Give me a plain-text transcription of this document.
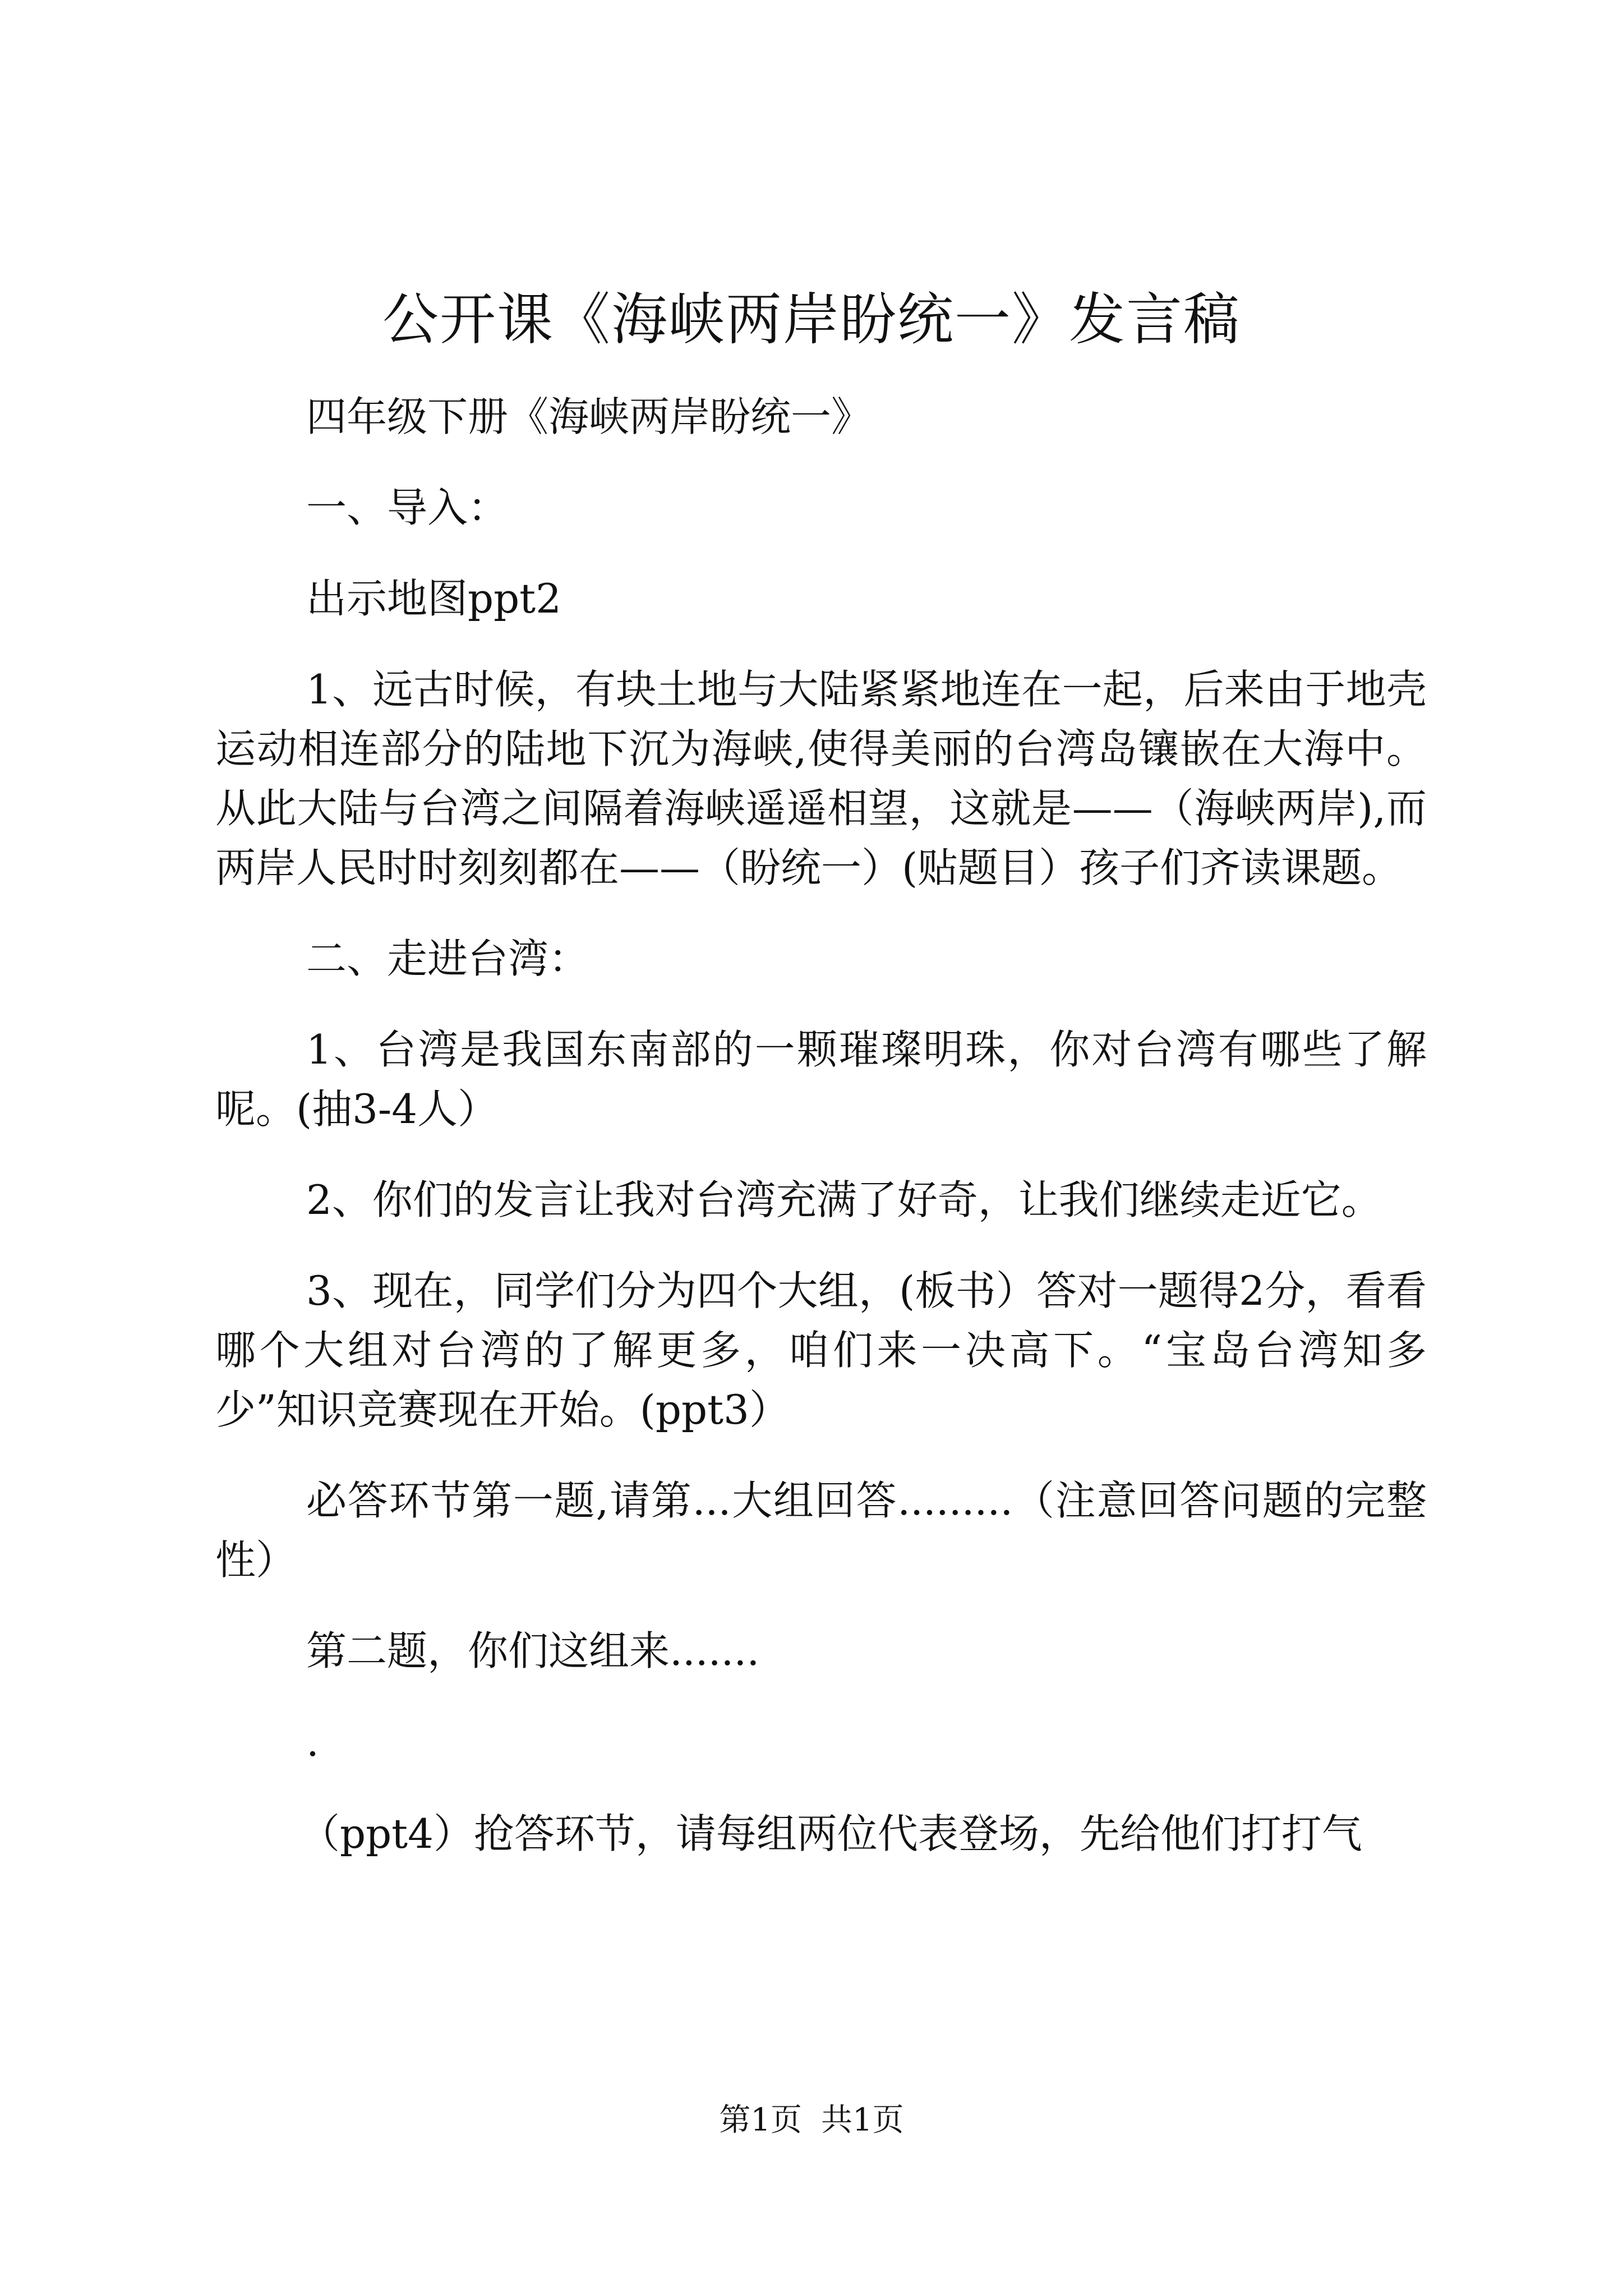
公开课《海峡两岸盼统一》发言稿

四年级下册《海峡两岸盼统一》

一、导入：

出示地图ppt2

1、远古时候，有块土地与大陆紧紧地连在一起，后来由于地壳运动相连部分的陆地下沉为海峡,使得美丽的台湾岛镶嵌在大海中。从此大陆与台湾之间隔着海峡遥遥相望，这就是——（海峡两岸),而两岸人民时时刻刻都在——（盼统一）(贴题目）孩子们齐读课题。

二、走进台湾：

1、台湾是我国东南部的一颗璀璨明珠，你对台湾有哪些了解呢。(抽3-4人）

2、你们的发言让我对台湾充满了好奇，让我们继续走近它。

3、现在，同学们分为四个大组，(板书）答对一题得2分，看看哪个大组对台湾的了解更多，咱们来一决高下。“宝岛台湾知多少”知识竞赛现在开始。(ppt3）

必答环节第一题,请第...大组回答.........（注意回答问题的完整性）

第二题，你们这组来.......

.

（ppt4）抢答环节，请每组两位代表登场，先给他们打打气

第1页 共1页
